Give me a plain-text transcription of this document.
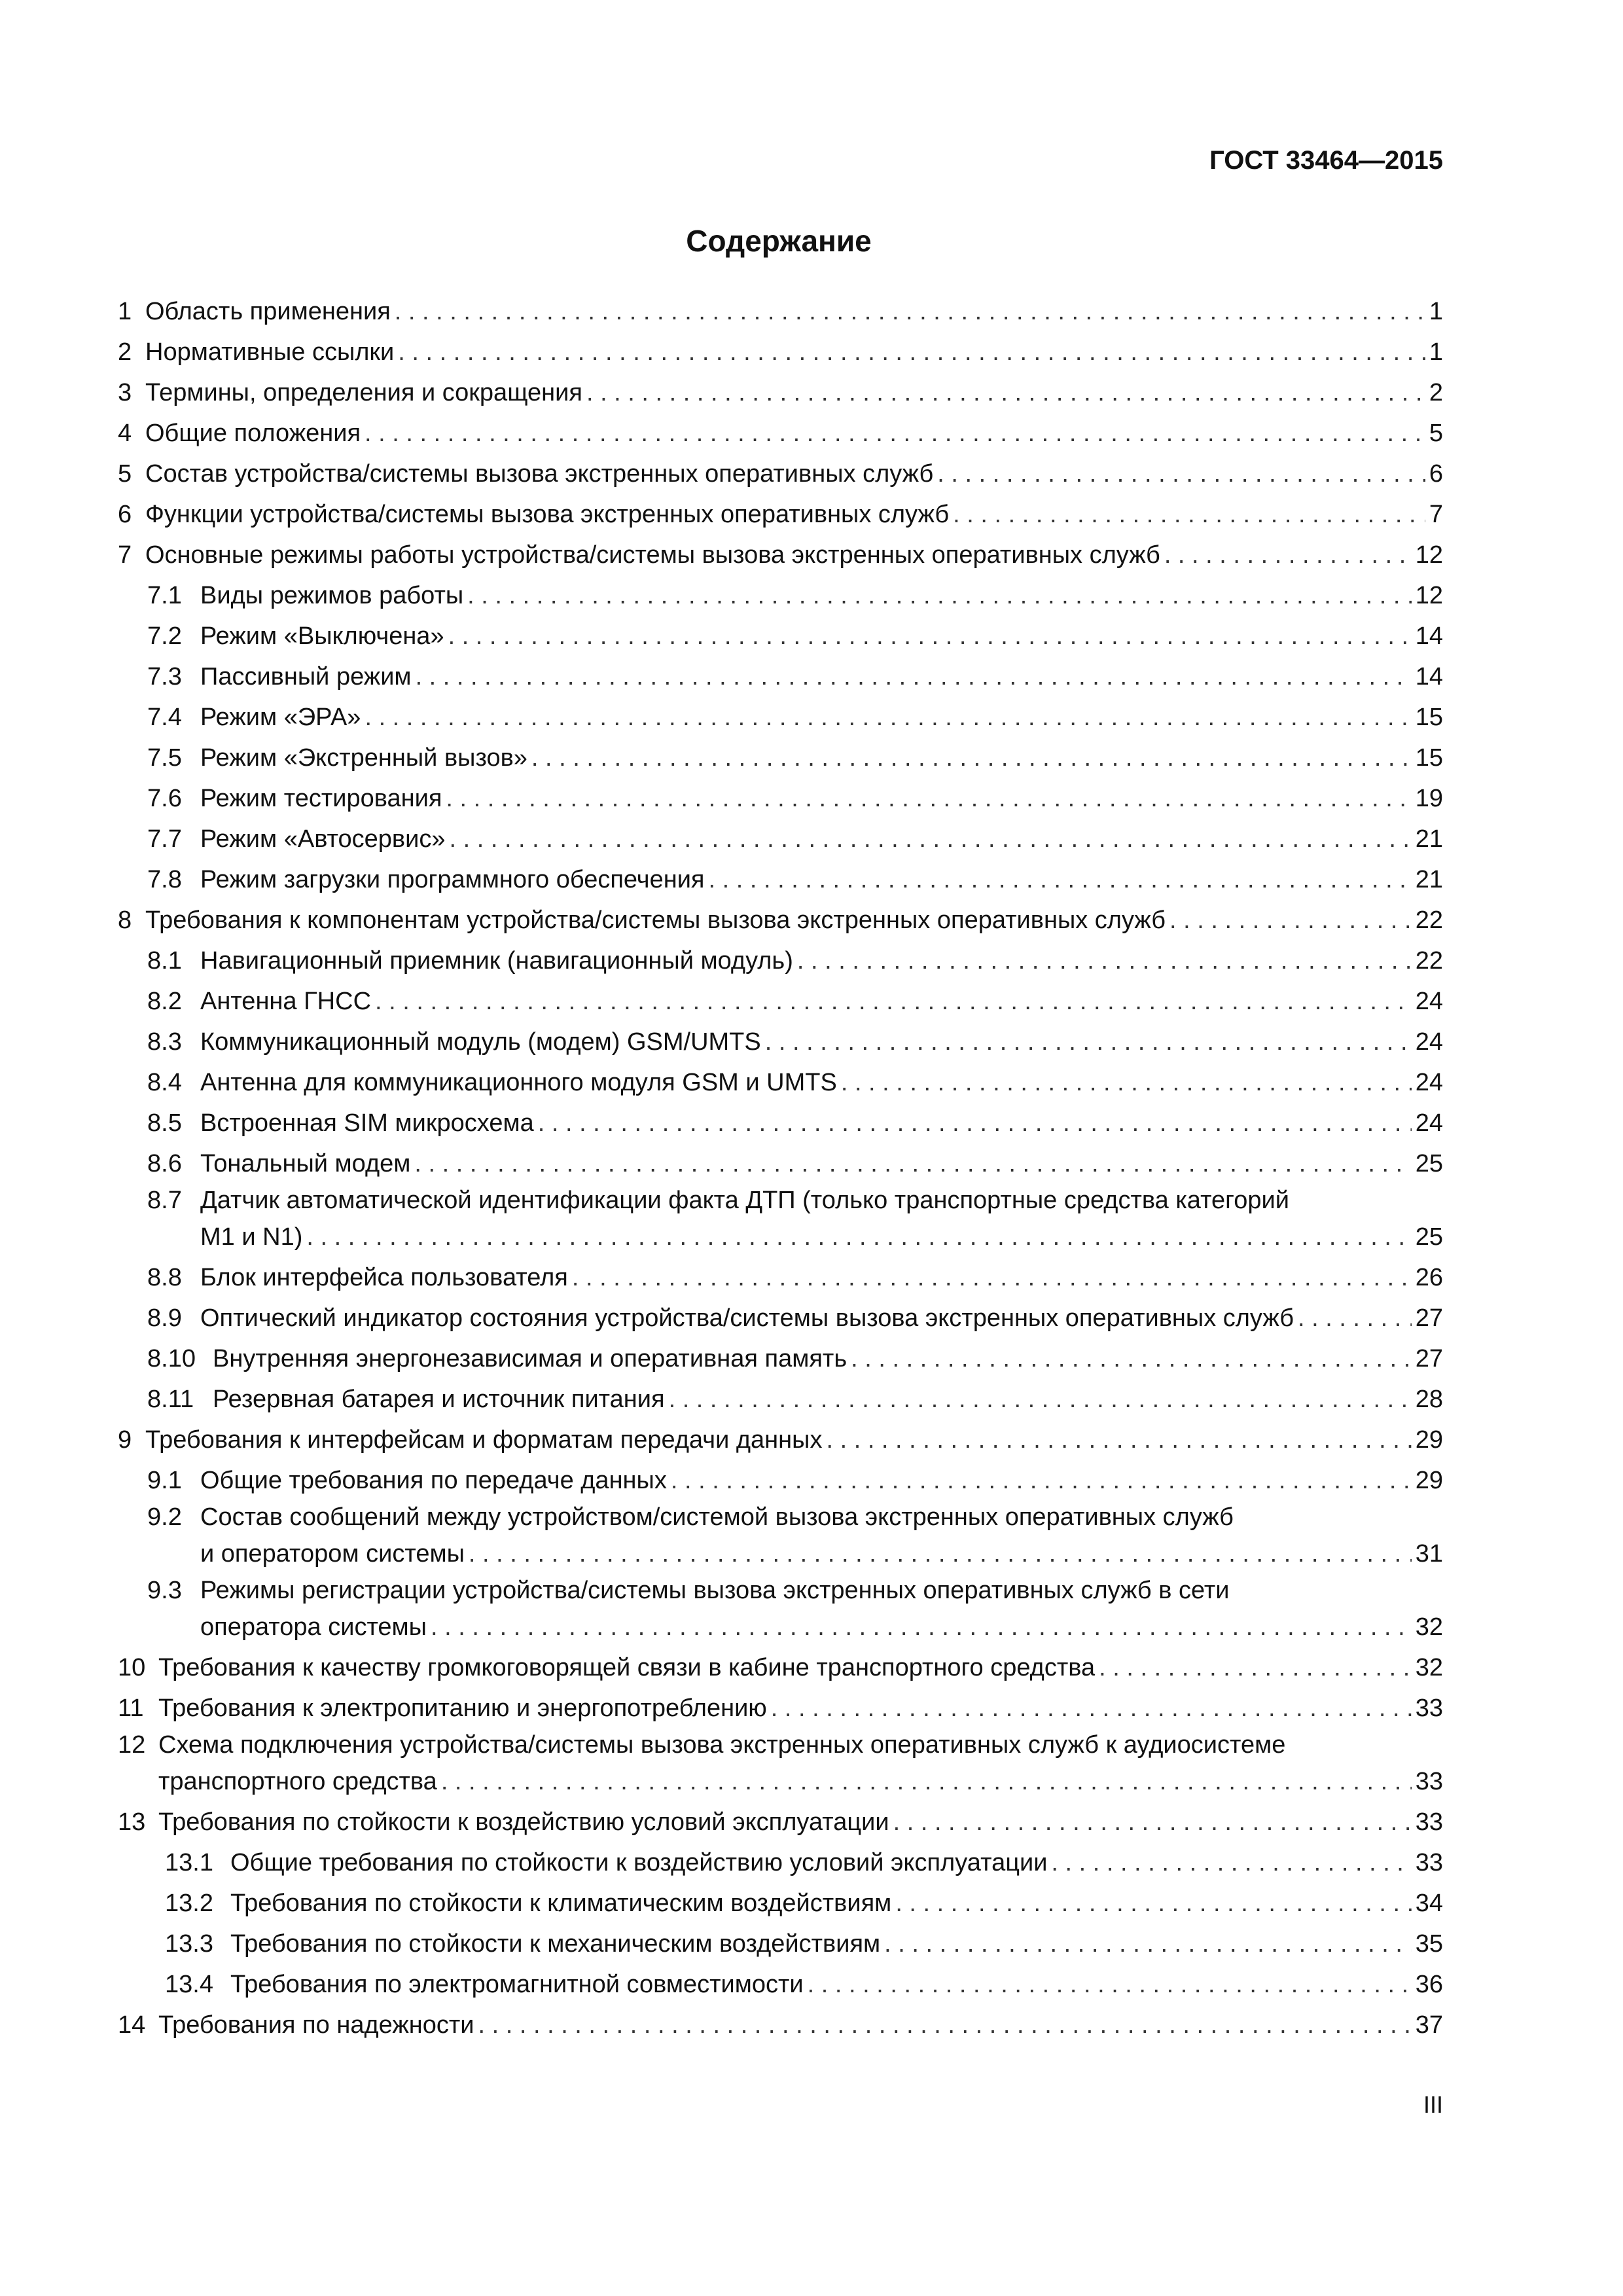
ГОСТ 33464—2015
Содержание
1 Область применения . . .	1
2 Нормативные ссылки . . .	1
3 Термины, определения и сокращения . . .	2
4 Общие положения . . .	5
5 Состав устройства/системы вызова экстренных оперативных служб . . .	6
6 Функции устройства/системы вызова экстренных оперативных служб . . .	7
7 Основные режимы работы устройства/системы вызова экстренных оперативных служб . . .	12
7.1 Виды режимов работы . . .	12
7.2 Режим «Выключена» . . .	14
7.3 Пассивный режим . . .	14
7.4 Режим «ЭРА» . . .	15
7.5 Режим «Экстренный вызов» . . .	15
7.6 Режим тестирования . . .	19
7.7 Режим «Автосервис» . . .	21
7.8 Режим загрузки программного обеспечения . . .	21
8 Требования к компонентам устройства/системы вызова экстренных оперативных служб . . .	22
8.1 Навигационный приемник (навигационный модуль) . . .	22
8.2 Антенна ГНСС . . .	24
8.3 Коммуникационный модуль (модем) GSM/UMTS . . .	24
8.4 Антенна для коммуникационного модуля GSM и UMTS . . .	24
8.5 Встроенная SIM микросхема . . .	24
8.6 Тональный модем . . .	25
8.7 Датчик автоматической идентификации факта ДТП (только транспортные средства категорий
M1 и N1) . . .	25
8.8 Блок интерфейса пользователя . . .	26
8.9 Оптический индикатор состояния устройства/системы вызова экстренных оперативных служб . . .	27
8.10 Внутренняя энергонезависимая и оперативная память . . .	27
8.11 Резервная батарея и источник питания . . .	28
9 Требования к интерфейсам и форматам передачи данных . . .	29
9.1 Общие требования по передаче данных . . .	29
9.2 Состав сообщений между устройством/системой вызова экстренных оперативных служб
и оператором системы . . .	31
9.3 Режимы регистрации устройства/системы вызова экстренных оперативных служб в сети
оператора системы . . .	32
10 Требования к качеству громкоговорящей связи в кабине транспортного средства . . .	32
11 Требования к электропитанию и энергопотреблению . . .	33
12 Схема подключения устройства/системы вызова экстренных оперативных служб к аудиосистеме
транспортного средства . . .	33
13 Требования по стойкости к воздействию условий эксплуатации . . .	33
13.1 Общие требования по стойкости к воздействию условий эксплуатации . . .	33
13.2 Требования по стойкости к климатическим воздействиям . . .	34
13.3 Требования по стойкости к механическим воздействиям . . .	35
13.4 Требования по электромагнитной совместимости . . .	36
14 Требования по надежности . . .	37
III
